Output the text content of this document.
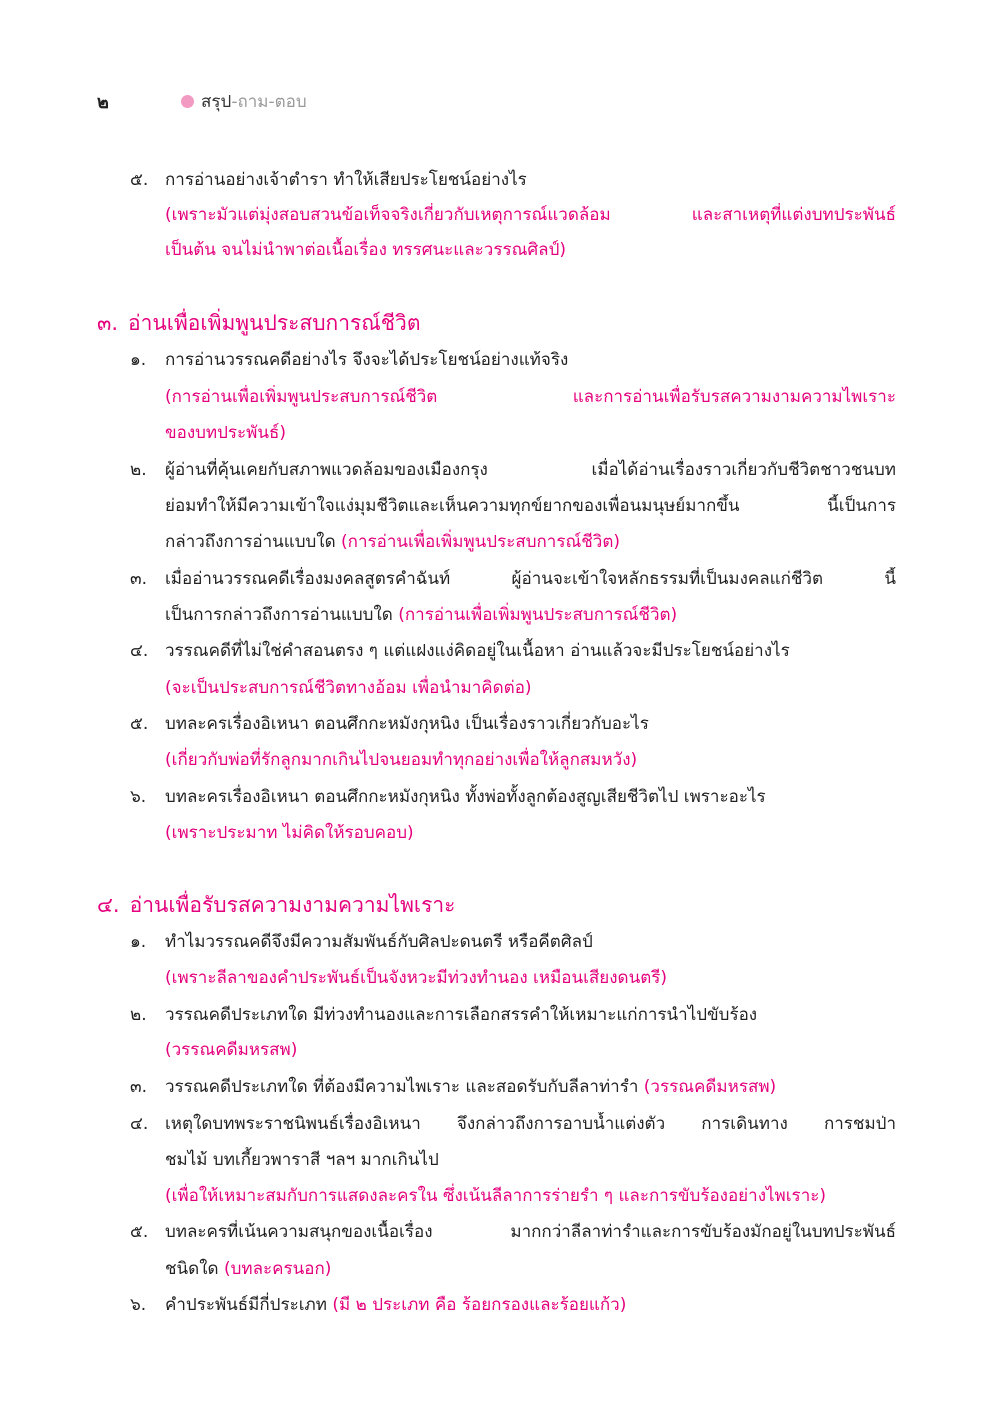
๒	สรุป -ถาม-ตอบ
๕. การอ่านอย่างเจ้าตำรา ทำให้เสียประโยชน์อย่างไร
(เพราะมัวแต่มุ่งสอบสวนข้อเท็จจริงเกี่ยวกับเหตุการณ์แวดล้อม และสาเหตุที่แต่งบทประพันธ์
เป็นต้น จนไม่นำพาต่อเนื้อเรื่อง ทรรศนะและวรรณศิลป์)
๓. อ่านเพื่อเพิ่มพูนประสบการณ์ชีวิต
๑. การอ่านวรรณคดีอย่างไร จึงจะได้ประโยชน์อย่างแท้จริง
(การอ่านเพื่อเพิ่มพูนประสบการณ์ชีวิต และการอ่านเพื่อรับรสความงามความไพเราะ
ของบทประพันธ์)
๒. ผู้อ่านที่คุ้นเคยกับสภาพแวดล้อมของเมืองกรุง เมื่อได้อ่านเรื่องราวเกี่ยวกับชีวิตชาวชนบท
ย่อมทำให้มีความเข้าใจแง่มุมชีวิตและเห็นความทุกข์ยากของเพื่อนมนุษย์มากขึ้น นี้เป็นการ
กล่าวถึงการอ่านแบบใด (การอ่านเพื่อเพิ่มพูนประสบการณ์ชีวิต)
๓. เมื่ออ่านวรรณคดีเรื่องมงคลสูตรคำฉันท์ ผู้อ่านจะเข้าใจหลักธรรมที่เป็นมงคลแก่ชีวิต นี้
เป็นการกล่าวถึงการอ่านแบบใด (การอ่านเพื่อเพิ่มพูนประสบการณ์ชีวิต)
๔. วรรณคดีที่ไม่ใช่คำสอนตรง ๆ แต่แฝงแง่คิดอยู่ในเนื้อหา อ่านแล้วจะมีประโยชน์อย่างไร
(จะเป็นประสบการณ์ชีวิตทางอ้อม เพื่อนำมาคิดต่อ)
๕. บทละครเรื่องอิเหนา ตอนศึกกะหมังกุหนิง เป็นเรื่องราวเกี่ยวกับอะไร
(เกี่ยวกับพ่อที่รักลูกมากเกินไปจนยอมทำทุกอย่างเพื่อให้ลูกสมหวัง)
๖. บทละครเรื่องอิเหนา ตอนศึกกะหมังกุหนิง ทั้งพ่อทั้งลูกต้องสูญเสียชีวิตไป เพราะอะไร
(เพราะประมาท ไม่คิดให้รอบคอบ)
๔. อ่านเพื่อรับรสความงามความไพเราะ
๑. ทำไมวรรณคดีจึงมีความสัมพันธ์กับศิลปะดนตรี หรือคีตศิลป์
(เพราะลีลาของคำประพันธ์เป็นจังหวะมีท่วงทำนอง เหมือนเสียงดนตรี)
๒. วรรณคดีประเภทใด มีท่วงทำนองและการเลือกสรรคำให้เหมาะแก่การนำไปขับร้อง
(วรรณคดีมหรสพ)
๓. วรรณคดีประเภทใด ที่ต้องมีความไพเราะ และสอดรับกับลีลาท่ารำ (วรรณคดีมหรสพ)
๔. เหตุใดบทพระราชนิพนธ์เรื่องอิเหนา จึงกล่าวถึงการอาบน้ำแต่งตัว การเดินทาง การชมป่า
ชมไม้ บทเกี้ยวพาราสี ฯลฯ มากเกินไป
(เพื่อให้เหมาะสมกับการแสดงละครใน ซึ่งเน้นลีลาการร่ายรำ ๆ และการขับร้องอย่างไพเราะ)
๕. บทละครที่เน้นความสนุกของเนื้อเรื่อง มากกว่าลีลาท่ารำและการขับร้องมักอยู่ในบทประพันธ์
ชนิดใด (บทละครนอก)
๖. คำประพันธ์มีกี่ประเภท (มี ๒ ประเภท คือ ร้อยกรองและร้อยแก้ว)
